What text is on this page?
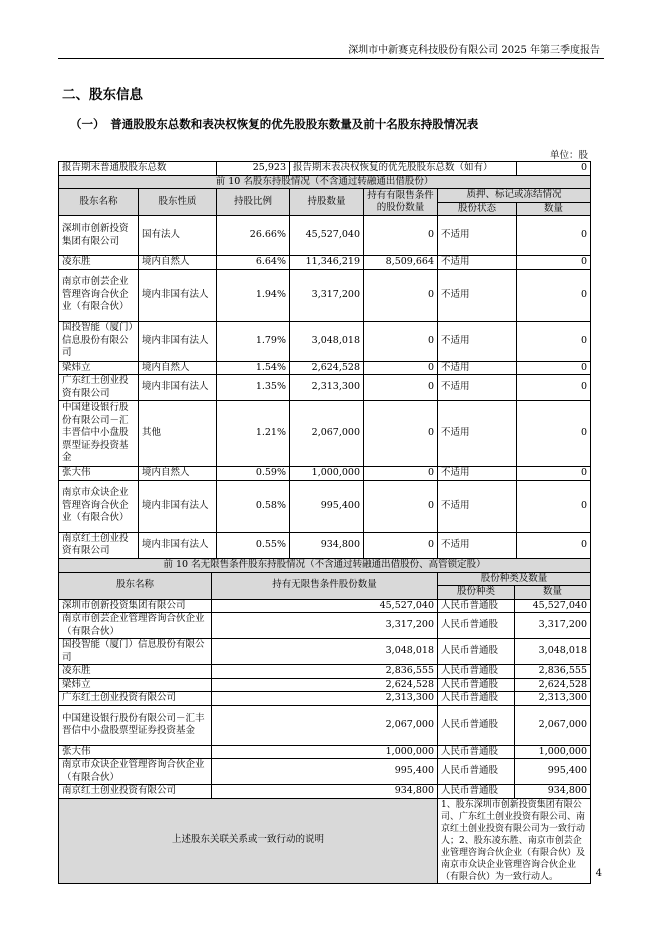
深圳市中新赛克科技股份有限公司 2025 年第三季度报告
二、股东信息
（一）　普通股股东总数和表决权恢复的优先股股东数量及前十名股东持股情况表
单位：股
报告期末普通股股东总数		25,923	报告期末表决权恢复的优先股股东总数（如有）			0
前 10 名股东持股情况（不含通过转融通出借股份）						
股东名称	股东性质	持股比例	持股数量	持有有限售条件的股份数量	质押、标记或冻结情况	
					股份状态	数量
深圳市创新投资集团有限公司	国有法人	26.66%	45,527,040	0	不适用	0
凌东胜	境内自然人	6.64%	11,346,219	8,509,664	不适用	0
南京市创芸企业管理咨询合伙企业（有限合伙）	境内非国有法人	1.94%	3,317,200	0	不适用	0
国投智能（厦门）信息股份有限公司	境内非国有法人	1.79%	3,048,018	0	不适用	0
梁炜立	境内自然人	1.54%	2,624,528	0	不适用	0
广东红土创业投资有限公司	境内非国有法人	1.35%	2,313,300	0	不适用	0
中国建设银行股份有限公司－汇丰晋信中小盘股票型证券投资基金	其他	1.21%	2,067,000	0	不适用	0
张大伟	境内自然人	0.59%	1,000,000	0	不适用	0
南京市众诀企业管理咨询合伙企业（有限合伙）	境内非国有法人	0.58%	995,400	0	不适用	0
南京红土创业投资有限公司	境内非国有法人	0.55%	934,800	0	不适用	0
前 10 名无限售条件股东持股情况（不含通过转融通出借股份、高管锁定股）			
股东名称	持有无限售条件股份数量	股份种类及数量	
		股份种类	数量
深圳市创新投资集团有限公司	45,527,040	人民币普通股	45,527,040
南京市创芸企业管理咨询合伙企业（有限合伙）	3,317,200	人民币普通股	3,317,200
国投智能（厦门）信息股份有限公司	3,048,018	人民币普通股	3,048,018
凌东胜	2,836,555	人民币普通股	2,836,555
梁炜立	2,624,528	人民币普通股	2,624,528
广东红土创业投资有限公司	2,313,300	人民币普通股	2,313,300
中国建设银行股份有限公司－汇丰晋信中小盘股票型证券投资基金	2,067,000	人民币普通股	2,067,000
张大伟	1,000,000	人民币普通股	1,000,000
南京市众诀企业管理咨询合伙企业（有限合伙）	995,400	人民币普通股	995,400
南京红土创业投资有限公司	934,800	人民币普通股	934,800
上述股东关联关系或一致行动的说明		1、股东深圳市创新投资集团有限公司、广东红土创业投资有限公司、南京红土创业投资有限公司为一致行动人；2、股东凌东胜、南京市创芸企业管理咨询合伙企业（有限合伙）及南京市众诀企业管理咨询合伙企业（有限合伙）为一致行动人。		4
